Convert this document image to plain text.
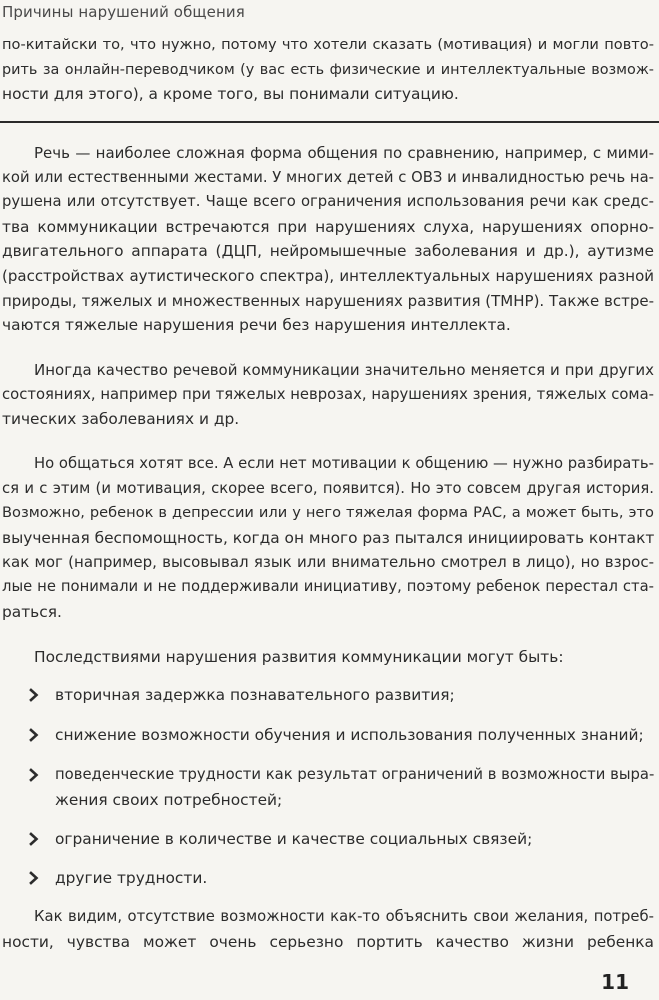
Причины нарушений общения
по-китайски то, что нужно, потому что хотели сказать (мотивация) и могли повто-
рить за онлайн-переводчиком (у вас есть физические и интеллектуальные возмож-
ности для этого), а кроме того, вы понимали ситуацию.
Речь — наиболее сложная форма общения по сравнению, например, с мими-
кой или естественными жестами. У многих детей с ОВЗ и инвалидностью речь на-
рушена или отсутствует. Чаще всего ограничения использования речи как средс-
тва коммуникации встречаются при нарушениях слуха, нарушениях опорно-
двигательного аппарата (ДЦП, нейромышечные заболевания и др.), аутизме
(расстройствах аутистического спектра), интеллектуальных нарушениях разной
природы, тяжелых и множественных нарушениях развития (ТМНР). Также встре-
чаются тяжелые нарушения речи без нарушения интеллекта.
Иногда качество речевой коммуникации значительно меняется и при других
состояниях, например при тяжелых неврозах, нарушениях зрения, тяжелых сома-
тических заболеваниях и др.
Но общаться хотят все. А если нет мотивации к общению — нужно разбирать-
ся и с этим (и мотивация, скорее всего, появится). Но это совсем другая история.
Возможно, ребенок в депрессии или у него тяжелая форма РАС, а может быть, это
выученная беспомощность, когда он много раз пытался инициировать контакт
как мог (например, высовывал язык или внимательно смотрел в лицо), но взрос-
лые не понимали и не поддерживали инициативу, поэтому ребенок перестал ста-
раться.
Последствиями нарушения развития коммуникации могут быть:
вторичная задержка познавательного развития;
снижение возможности обучения и использования полученных знаний;
поведенческие трудности как результат ограничений в возможности выра-
жения своих потребностей;
ограничение в количестве и качестве социальных связей;
другие трудности.
Как видим, отсутствие возможности как-то объяснить свои желания, потреб-
ности, чувства может очень серьезно портить качество жизни ребенка
11
